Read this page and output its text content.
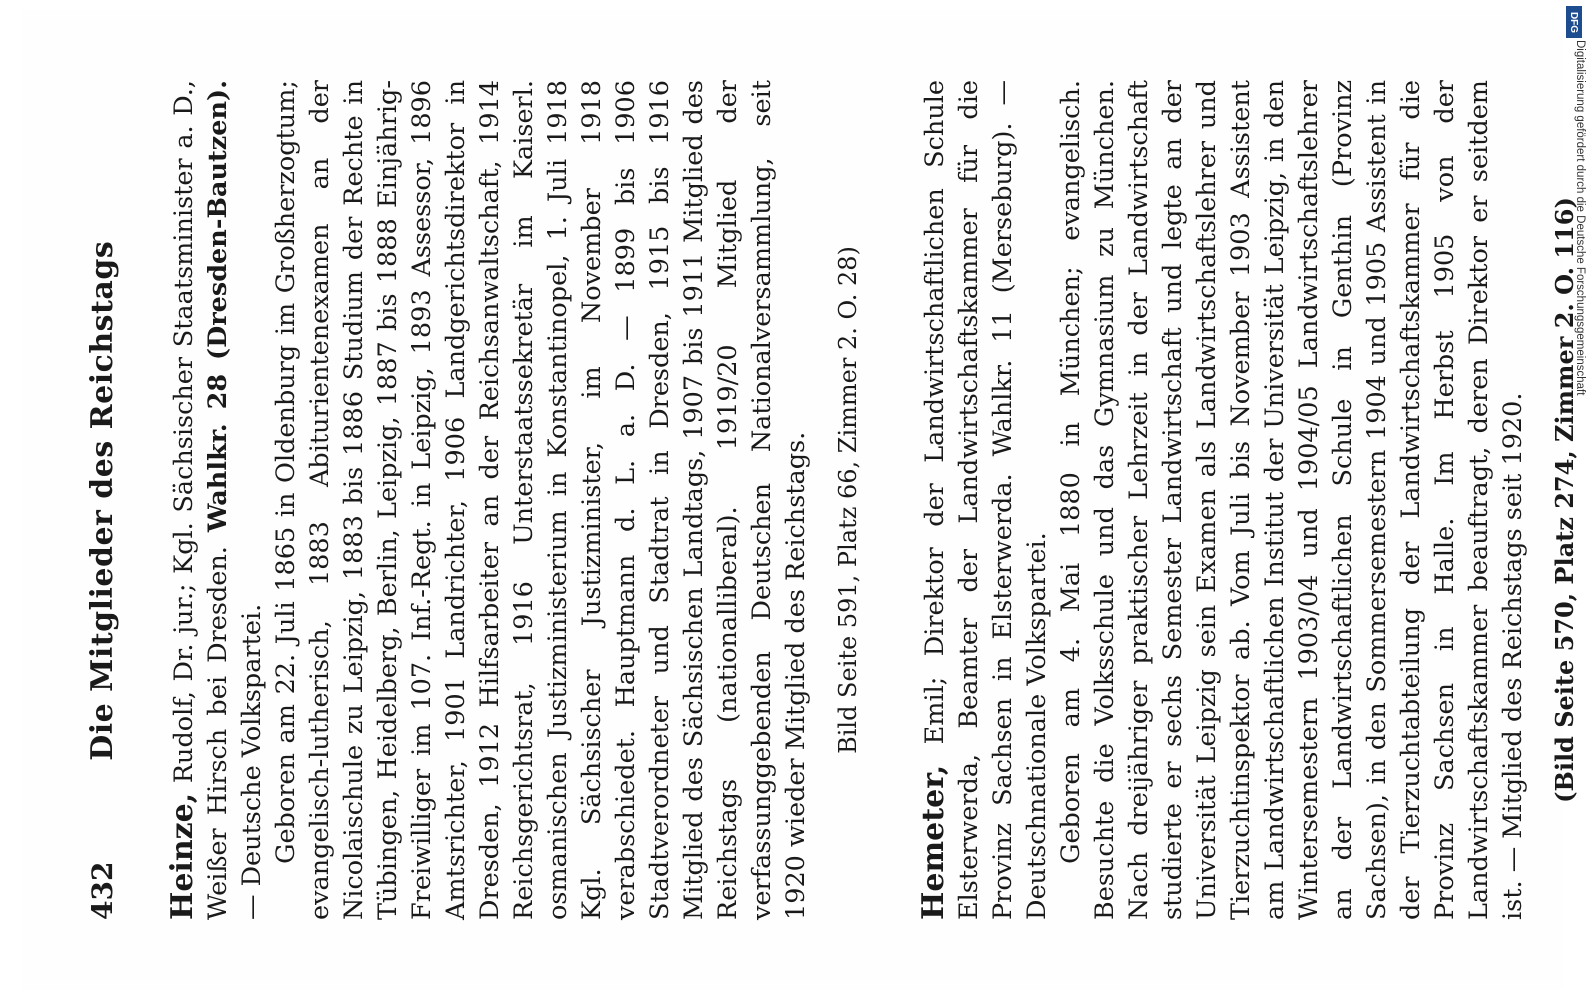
432
Die Mitglieder des Reichstags

Heinze, Rudolf, Dr. jur.; Kgl. Sächsischer Staatsminister a. D., Weißer Hirsch bei Dresden. Wahlkr. 28 (Dresden-Bautzen). — Deutsche Volkspartei. Geboren am 22. Juli 1865 in Oldenburg im Großherzogtum; evangelisch-lutherisch, 1883 Abiturientenexamen an der Nicolaischule zu Leipzig, 1883 bis 1886 Studium der Rechte in Tübingen, Heidelberg, Berlin, Leipzig, 1887 bis 1888 Einjährig-Freiwilliger im 107. Inf.-Regt. in Leipzig, 1893 Assessor, 1896 Amtsrichter, 1901 Landrichter, 1906 Landgerichtsdirektor in Dresden, 1912 Hilfsarbeiter an der Reichsanwaltschaft, 1914 Reichsgerichtsrat, 1916 Unterstaatssekretär im Kaiserl. osmanischen Justizministerium in Konstantinopel, 1. Juli 1918 Kgl. Sächsischer Justizminister, im November 1918 verabschiedet. Hauptmann d. L. a. D. — 1899 bis 1906 Stadtverordneter und Stadtrat in Dresden, 1915 bis 1916 Mitglied des Sächsischen Landtags, 1907 bis 1911 Mitglied des Reichstags (nationalliberal). 1919/20 Mitglied der verfassunggebenden Deutschen Nationalversammlung, seit 1920 wieder Mitglied des Reichstags. Bild Seite 591, Platz 66, Zimmer 2. O. 28)

Hemeter, Emil; Direktor der Landwirtschaftlichen Schule Elsterwerda, Beamter der Landwirtschaftskammer für die Provinz Sachsen in Elsterwerda. Wahlkr. 11 (Merseburg). — Deutschnationale Volkspartei. Geboren am 4. Mai 1880 in München; evangelisch. Besuchte die Volksschule und das Gymnasium zu München. Nach dreijähriger praktischer Lehrzeit in der Landwirtschaft studierte er sechs Semester Landwirtschaft und legte an der Universität Leipzig sein Examen als Landwirtschaftslehrer und Tierzuchtinspektor ab. Vom Juli bis November 1903 Assistent am Landwirtschaftlichen Institut der Universität Leipzig, in den Wintersemestern 1903/04 und 1904/05 Landwirtschaftslehrer an der Landwirtschaftlichen Schule in Genthin (Provinz Sachsen), in den Sommersemestern 1904 und 1905 Assistent in der Tierzuchtabteilung der Landwirtschaftskammer für die Provinz Sachsen in Halle. Im Herbst 1905 von der Landwirtschaftskammer beauftragt, deren Direktor er seitdem ist. — Mitglied des Reichstags seit 1920. (Bild Seite 570, Platz 274, Zimmer 2. O. 116)
DFG
Digitalisierung gefördert durch die Deutsche Forschungsgemeinschaft
